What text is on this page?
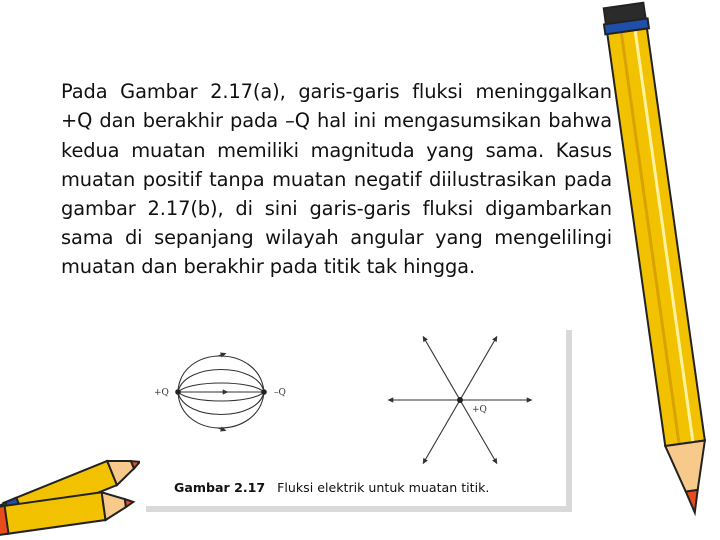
Pada Gambar 2.17(a), garis-garis fluksi meninggalkan +Q dan berakhir pada –Q hal ini mengasumsikan bahwa kedua muatan memiliki magnituda yang sama. Kasus muatan positif tanpa muatan negatif diilustrasikan pada gambar 2.17(b), di sini garis-garis fluksi digambarkan sama di sepanjang wilayah angular yang mengelilingi muatan dan berakhir pada titik tak hingga.

+Q	–Q
+Q
Gambar 2.17 Fluksi elektrik untuk muatan titik.
